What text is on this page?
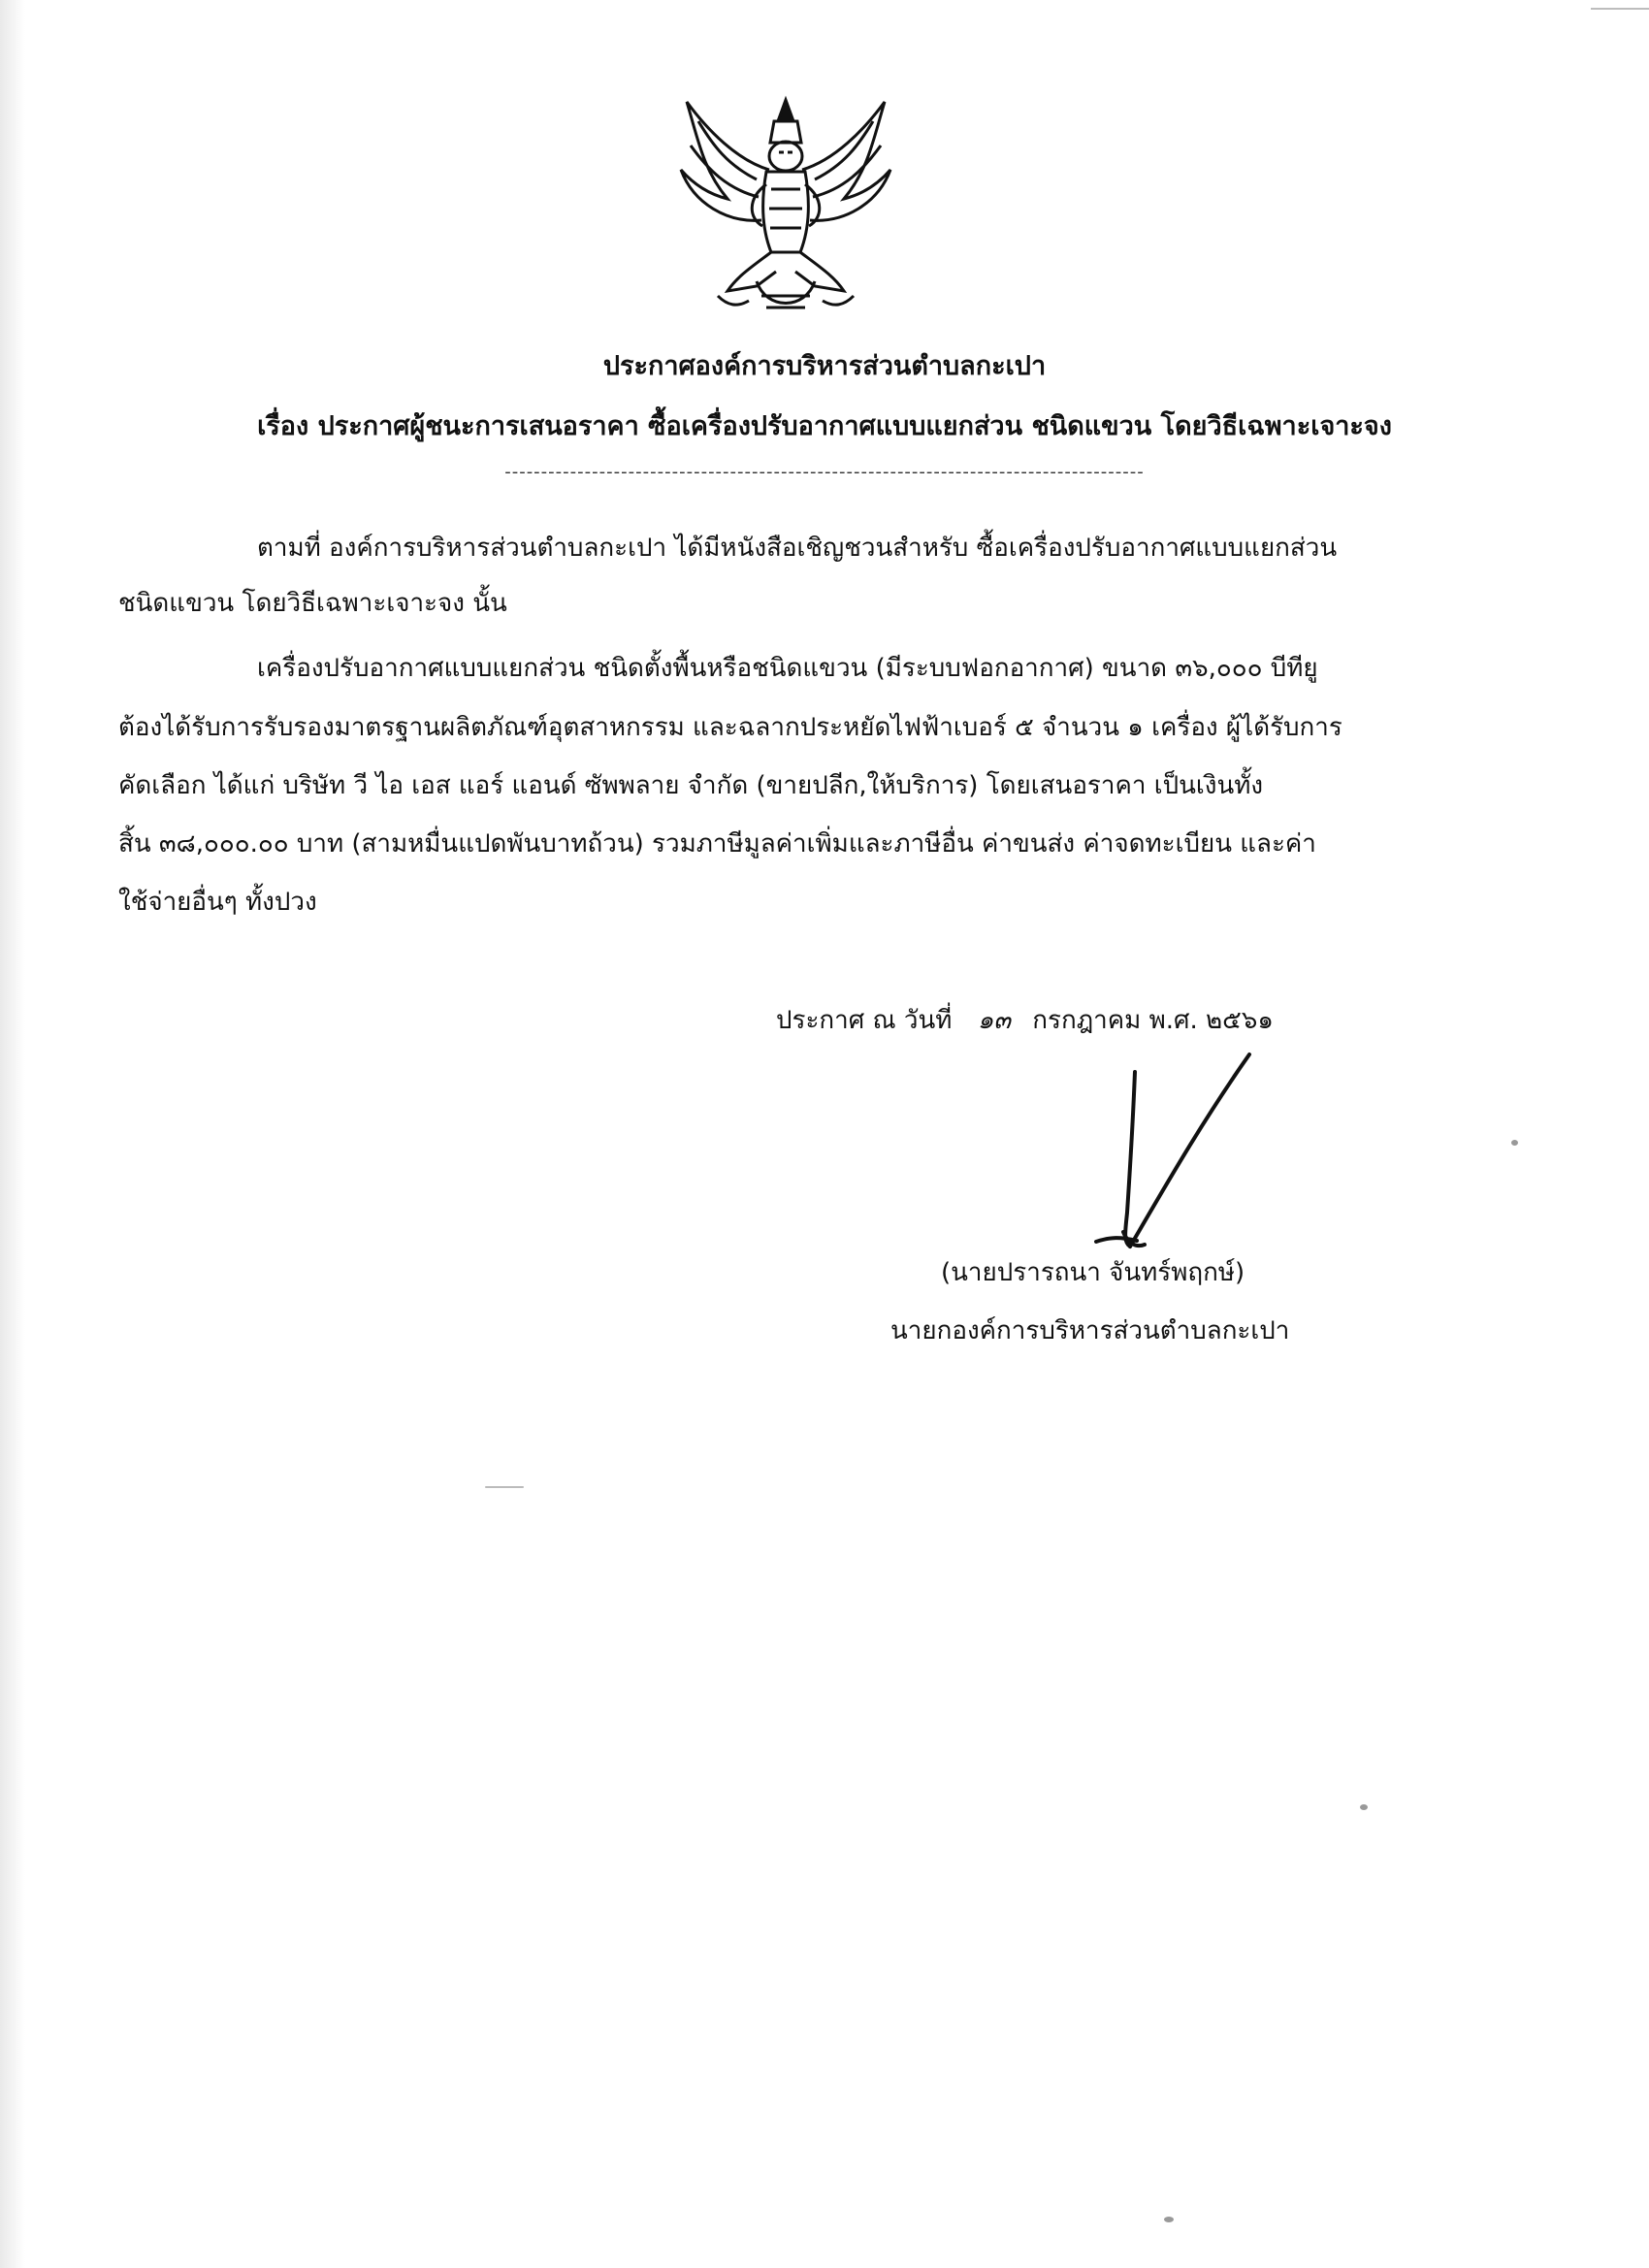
ประกาศองค์การบริหารส่วนตำบลกะเปา
เรื่อง ประกาศผู้ชนะการเสนอราคา ซื้อเครื่องปรับอากาศแบบแยกส่วน ชนิดแขวน โดยวิธีเฉพาะเจาะจง
----------------------------------------------------------------------------------------
ตามที่ องค์การบริหารส่วนตำบลกะเปา ได้มีหนังสือเชิญชวนสำหรับ ซื้อเครื่องปรับอากาศแบบแยกส่วน
ชนิดแขวน โดยวิธีเฉพาะเจาะจง นั้น
เครื่องปรับอากาศแบบแยกส่วน ชนิดตั้งพื้นหรือชนิดแขวน (มีระบบฟอกอากาศ) ขนาด ๓๖,๐๐๐ บีทียู
ต้องได้รับการรับรองมาตรฐานผลิตภัณฑ์อุตสาหกรรม และฉลากประหยัดไฟฟ้าเบอร์ ๕ จำนวน ๑ เครื่อง ผู้ได้รับการ
คัดเลือก ได้แก่ บริษัท วี ไอ เอส แอร์ แอนด์ ซัพพลาย จำกัด (ขายปลีก,ให้บริการ) โดยเสนอราคา เป็นเงินทั้ง
สิ้น ๓๘,๐๐๐.๐๐ บาท (สามหมื่นแปดพันบาทถ้วน) รวมภาษีมูลค่าเพิ่มและภาษีอื่น ค่าขนส่ง ค่าจดทะเบียน และค่า
ใช้จ่ายอื่นๆ ทั้งปวง
ประกาศ ณ วันที่ ๑๓ กรกฎาคม พ.ศ. ๒๕๖๑
(นายปรารถนา จันทร์พฤกษ์)
นายกองค์การบริหารส่วนตำบลกะเปา
